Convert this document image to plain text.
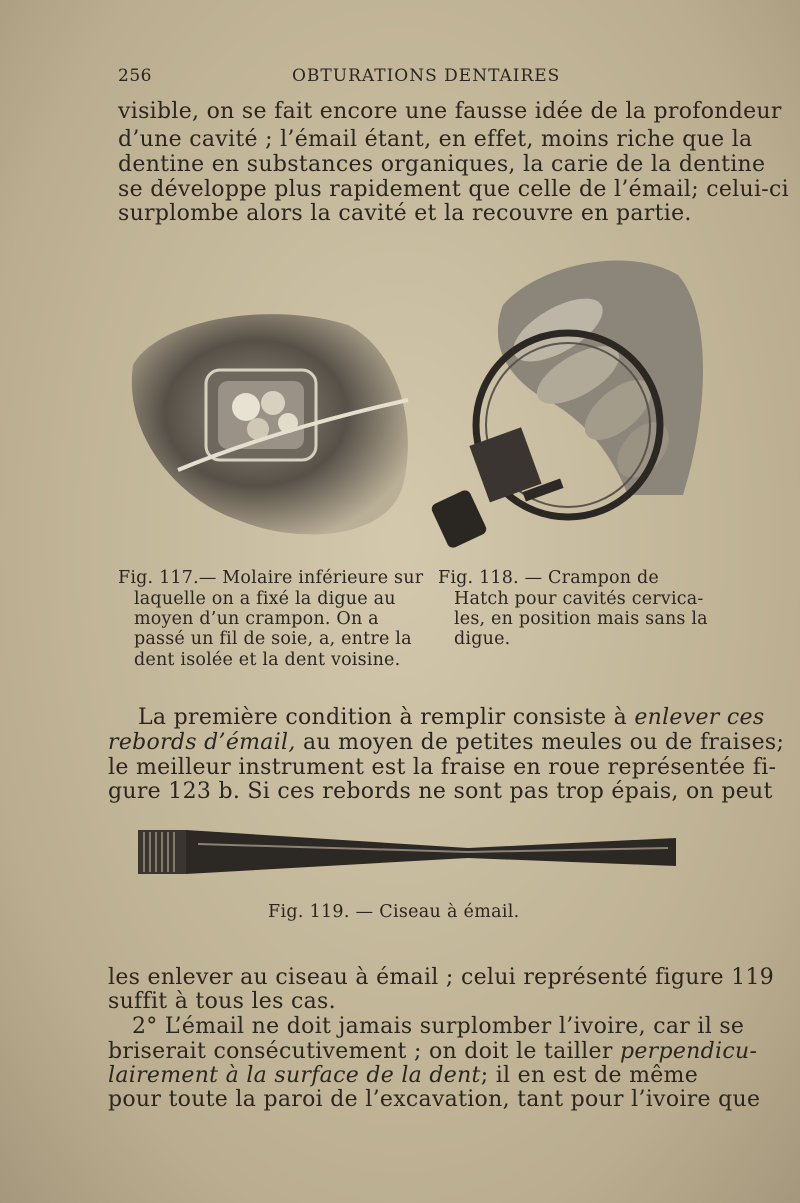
256	OBTURATIONS DENTAIRES
visible, on se fait encore une fausse idée de la profondeur
d’une cavité ; l’émail étant, en effet, moins riche que la
dentine en substances organiques, la carie de la dentine
se développe plus rapidement que celle de l’émail; celui-ci
surplombe alors la cavité et la recouvre en partie.
Fig. 117.— Molaire inférieure sur
laquelle on a fixé la digue au
moyen d’un crampon. On a
passé un fil de soie, a, entre la
dent isolée et la dent voisine.
Fig. 118. — Crampon de
Hatch pour cavités cervica-
les, en position mais sans la
digue.
La première condition à remplir consiste à enlever ces
rebords d’émail, au moyen de petites meules ou de fraises;
le meilleur instrument est la fraise en roue représentée fi-
gure 123 b. Si ces rebords ne sont pas trop épais, on peut
Fig. 119. — Ciseau à émail.
les enlever au ciseau à émail ; celui représenté figure 119
suffit à tous les cas.
2° L’émail ne doit jamais surplomber l’ivoire, car il se
briserait consécutivement ; on doit le tailler perpendicu-
lairement à la surface de la dent; il en est de même
pour toute la paroi de l’excavation, tant pour l’ivoire que
